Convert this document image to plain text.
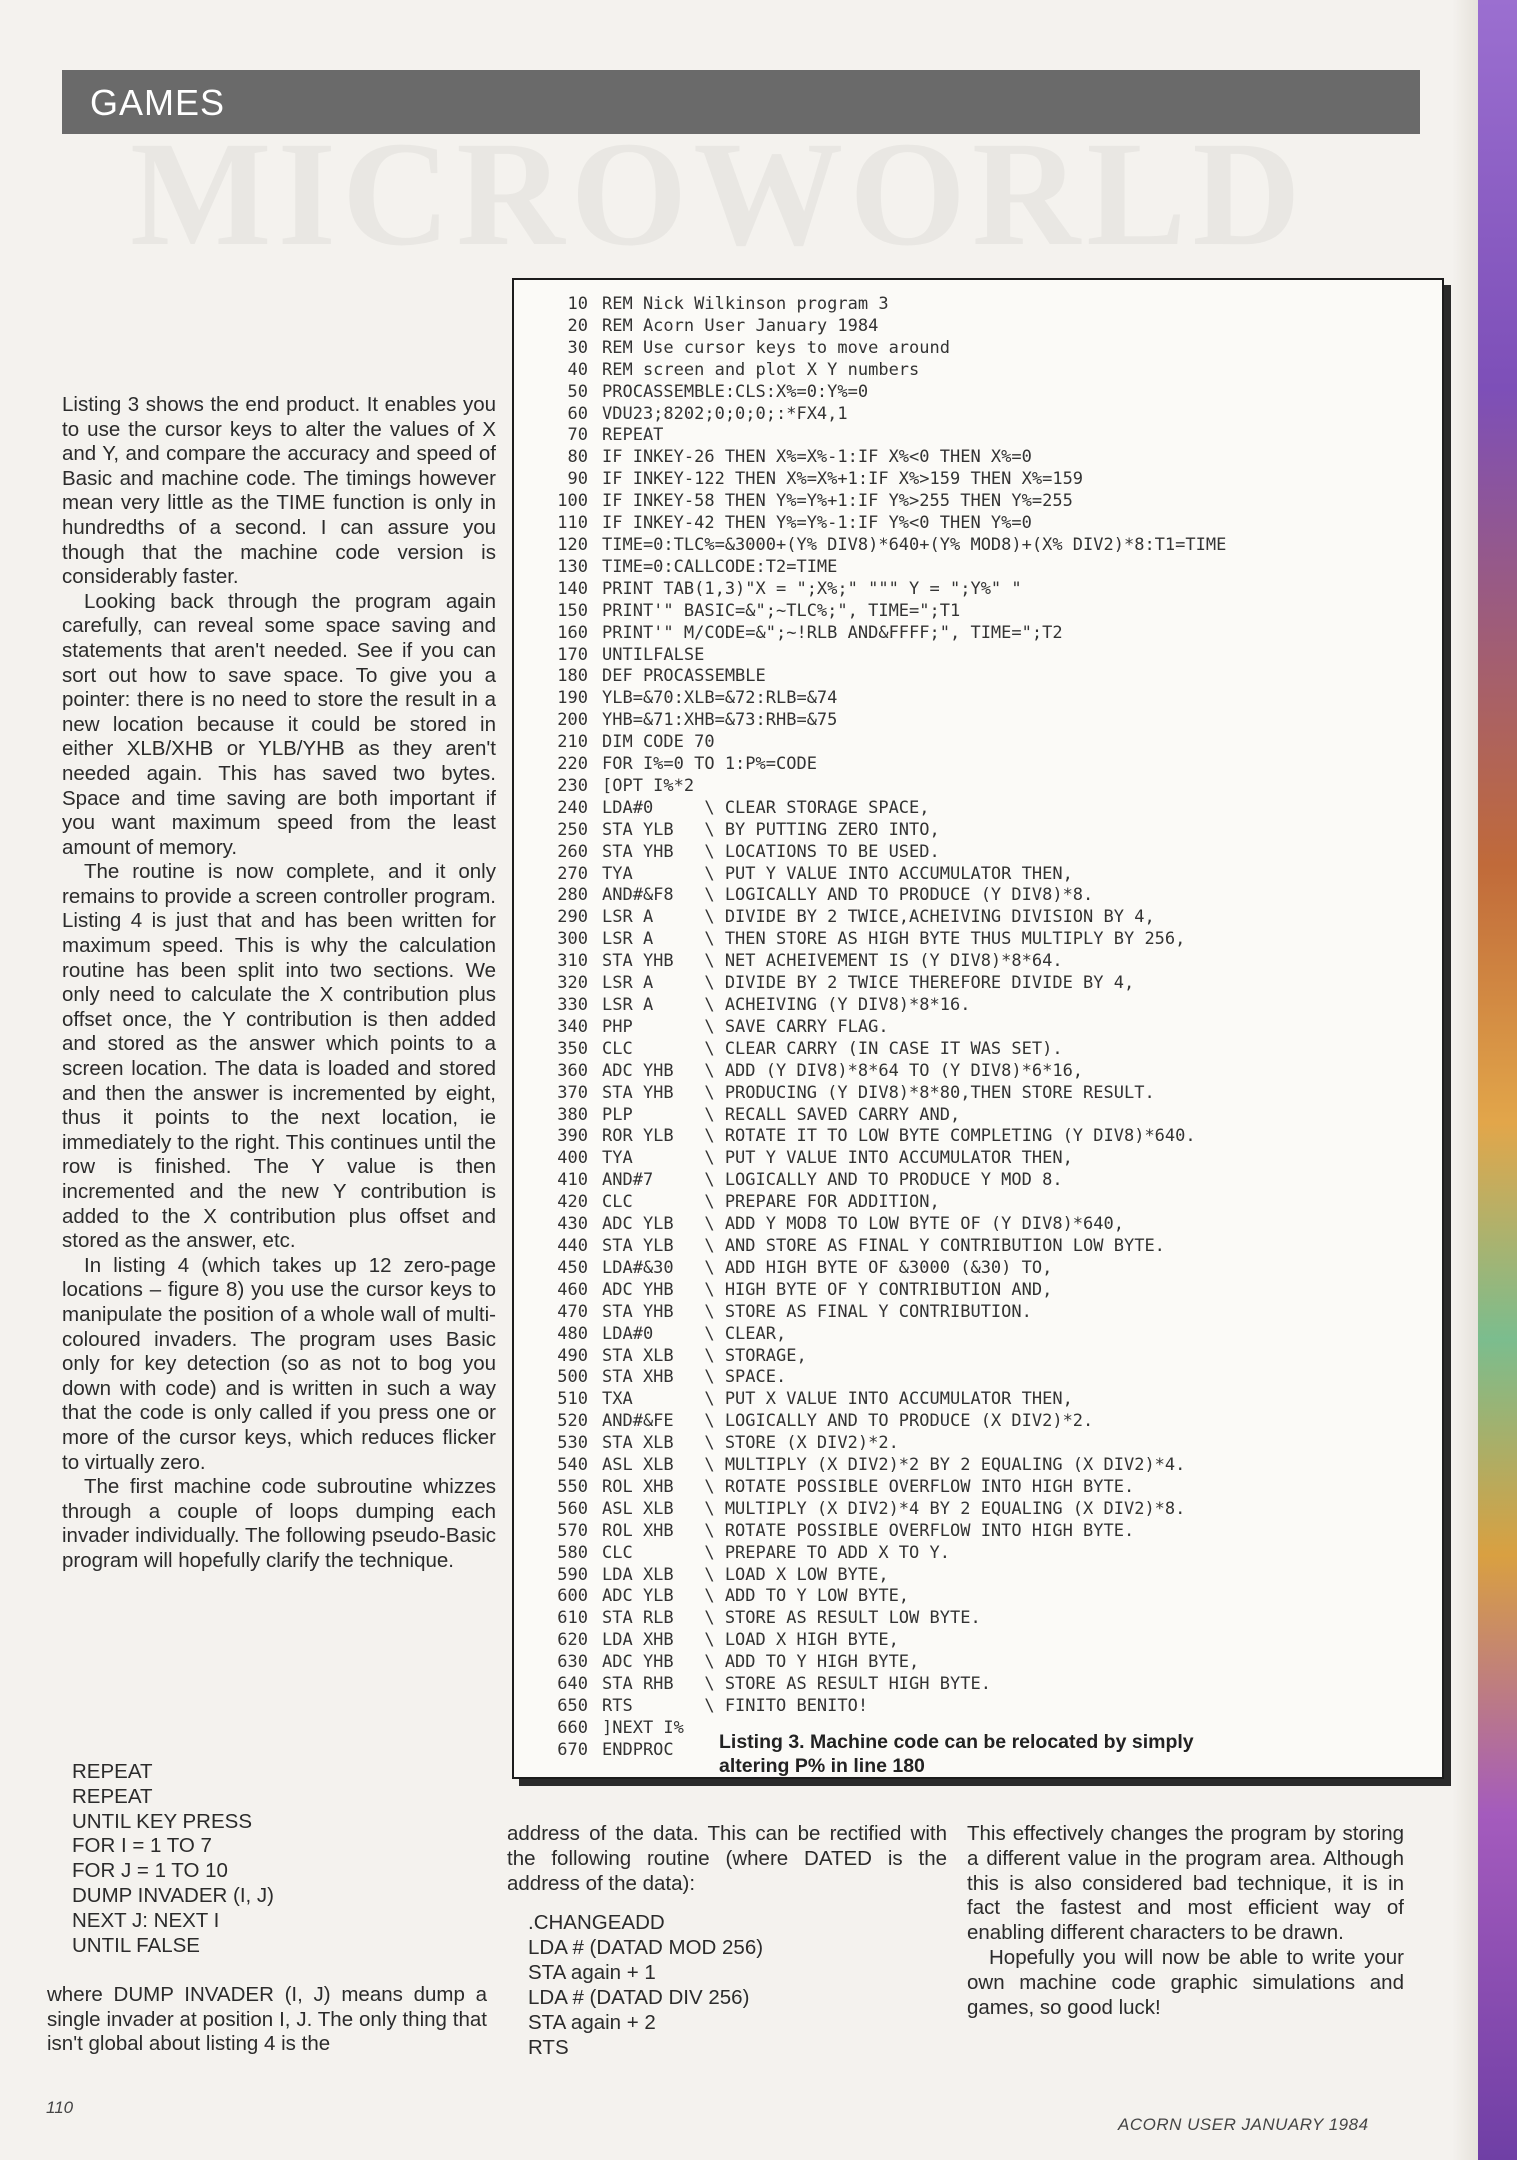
GAMES

Listing 3 shows the end product. It enables you to use the cursor keys to alter the values of X and Y, and compare the accuracy and speed of Basic and machine code. The timings however mean very little as the TIME function is only in hundredths of a second. I can assure you though that the machine code version is considerably faster.

Looking back through the program again carefully, can reveal some space saving and statements that aren't needed. See if you can sort out how to save space. To give you a pointer: there is no need to store the result in a new location because it could be stored in either XLB/XHB or YLB/YHB as they aren't needed again. This has saved two bytes. Space and time saving are both important if you want maximum speed from the least amount of memory.

The routine is now complete, and it only remains to provide a screen controller program. Listing 4 is just that and has been written for maximum speed. This is why the calculation routine has been split into two sections. We only need to calculate the X contribution plus offset once, the Y contribution is then added and stored as the answer which points to a screen location. The data is loaded and stored and then the answer is incremented by eight, thus it points to the next location, ie immediately to the right. This continues until the row is finished. The Y value is then incremented and the new Y contribution is added to the X contribution plus offset and stored as the answer, etc.

In listing 4 (which takes up 12 zero-page locations – figure 8) you use the cursor keys to manipulate the position of a whole wall of multi-coloured invaders. The program uses Basic only for key detection (so as not to bog you down with code) and is written in such a way that the code is only called if you press one or more of the cursor keys, which reduces flicker to virtually zero.

The first machine code subroutine whizzes through a couple of loops dumping each invader individually. The following pseudo-Basic program will hopefully clarify the technique.

REPEAT
REPEAT
UNTIL KEY PRESS
FOR I = 1 TO 7
FOR J = 1 TO 10
DUMP INVADER (I, J)
NEXT J: NEXT I
UNTIL FALSE

where DUMP INVADER (I, J) means dump a single invader at position I, J. The only thing that isn't global about listing 4 is the

10 REM Nick Wilkinson program 3
20 REM Acorn User January 1984
30 REM Use cursor keys to move around
40 REM screen and plot X Y numbers
50 PROCASSEMBLE:CLS:X%=0:Y%=0
60 VDU23;8202;0;0;0;:*FX4,1
70 REPEAT
80 IF INKEY-26 THEN X%=X%-1:IF X%<0 THEN X%=0
90 IF INKEY-122 THEN X%=X%+1:IF X%>159 THEN X%=159
100 IF INKEY-58 THEN Y%=Y%+1:IF Y%>255 THEN Y%=255
110 IF INKEY-42 THEN Y%=Y%-1:IF Y%<0 THEN Y%=0
120 TIME=0:TLC%=&3000+(Y% DIV8)*640+(Y% MOD8)+(X% DIV2)*8:T1=TIME
130 TIME=0:CALLCODE:T2=TIME
140 PRINT TAB(1,3)"X = ";X%;" """ Y = ";Y%" "
150 PRINT'" BASIC=&";~TLC%;", TIME=";T1
160 PRINT'" M/CODE=&";~!RLB AND&FFFF;", TIME=";T2
170 UNTILFALSE
180 DEF PROCASSEMBLE
190 YLB=&70:XLB=&72:RLB=&74
200 YHB=&71:XHB=&73:RHB=&75
210 DIM CODE 70
220 FOR I%=0 TO 1:P%=CODE
230 [OPT I%*2
240 LDA#0     \ CLEAR STORAGE SPACE,
250 STA YLB   \ BY PUTTING ZERO INTO,
260 STA YHB   \ LOCATIONS TO BE USED.
270 TYA       \ PUT Y VALUE INTO ACCUMULATOR THEN,
280 AND#&F8   \ LOGICALLY AND TO PRODUCE (Y DIV8)*8.
290 LSR A     \ DIVIDE BY 2 TWICE,ACHEIVING DIVISION BY 4,
300 LSR A     \ THEN STORE AS HIGH BYTE THUS MULTIPLY BY 256,
310 STA YHB   \ NET ACHEIVEMENT IS (Y DIV8)*8*64.
320 LSR A     \ DIVIDE BY 2 TWICE THEREFORE DIVIDE BY 4,
330 LSR A     \ ACHEIVING (Y DIV8)*8*16.
340 PHP       \ SAVE CARRY FLAG.
350 CLC       \ CLEAR CARRY (IN CASE IT WAS SET).
360 ADC YHB   \ ADD (Y DIV8)*8*64 TO (Y DIV8)*6*16,
370 STA YHB   \ PRODUCING (Y DIV8)*8*80,THEN STORE RESULT.
380 PLP       \ RECALL SAVED CARRY AND,
390 ROR YLB   \ ROTATE IT TO LOW BYTE COMPLETING (Y DIV8)*640.
400 TYA       \ PUT Y VALUE INTO ACCUMULATOR THEN,
410 AND#7     \ LOGICALLY AND TO PRODUCE Y MOD 8.
420 CLC       \ PREPARE FOR ADDITION,
430 ADC YLB   \ ADD Y MOD8 TO LOW BYTE OF (Y DIV8)*640,
440 STA YLB   \ AND STORE AS FINAL Y CONTRIBUTION LOW BYTE.
450 LDA#&30   \ ADD HIGH BYTE OF &3000 (&30) TO,
460 ADC YHB   \ HIGH BYTE OF Y CONTRIBUTION AND,
470 STA YHB   \ STORE AS FINAL Y CONTRIBUTION.
480 LDA#0     \ CLEAR,
490 STA XLB   \ STORAGE,
500 STA XHB   \ SPACE.
510 TXA       \ PUT X VALUE INTO ACCUMULATOR THEN,
520 AND#&FE   \ LOGICALLY AND TO PRODUCE (X DIV2)*2.
530 STA XLB   \ STORE (X DIV2)*2.
540 ASL XLB   \ MULTIPLY (X DIV2)*2 BY 2 EQUALING (X DIV2)*4.
550 ROL XHB   \ ROTATE POSSIBLE OVERFLOW INTO HIGH BYTE.
560 ASL XLB   \ MULTIPLY (X DIV2)*4 BY 2 EQUALING (X DIV2)*8.
570 ROL XHB   \ ROTATE POSSIBLE OVERFLOW INTO HIGH BYTE.
580 CLC       \ PREPARE TO ADD X TO Y.
590 LDA XLB   \ LOAD X LOW BYTE,
600 ADC YLB   \ ADD TO Y LOW BYTE,
610 STA RLB   \ STORE AS RESULT LOW BYTE.
620 LDA XHB   \ LOAD X HIGH BYTE,
630 ADC YHB   \ ADD TO Y HIGH BYTE,
640 STA RHB   \ STORE AS RESULT HIGH BYTE.
650 RTS       \ FINITO BENITO!
660 ]NEXT I%
670 ENDPROC	Listing 3. Machine code can be relocated by simply altering P% in line 180

address of the data. This can be rectified with the following routine (where DATED is the address of the data):

.CHANGEADD
LDA # (DATAD MOD 256)
STA again + 1
LDA # (DATAD DIV 256)
STA again + 2
RTS

This effectively changes the program by storing a different value in the program area. Although this is also considered bad technique, it is in fact the fastest and most efficient way of enabling different characters to be drawn.

Hopefully you will now be able to write your own machine code graphic simulations and games, so good luck!

110
ACORN USER JANUARY 1984
